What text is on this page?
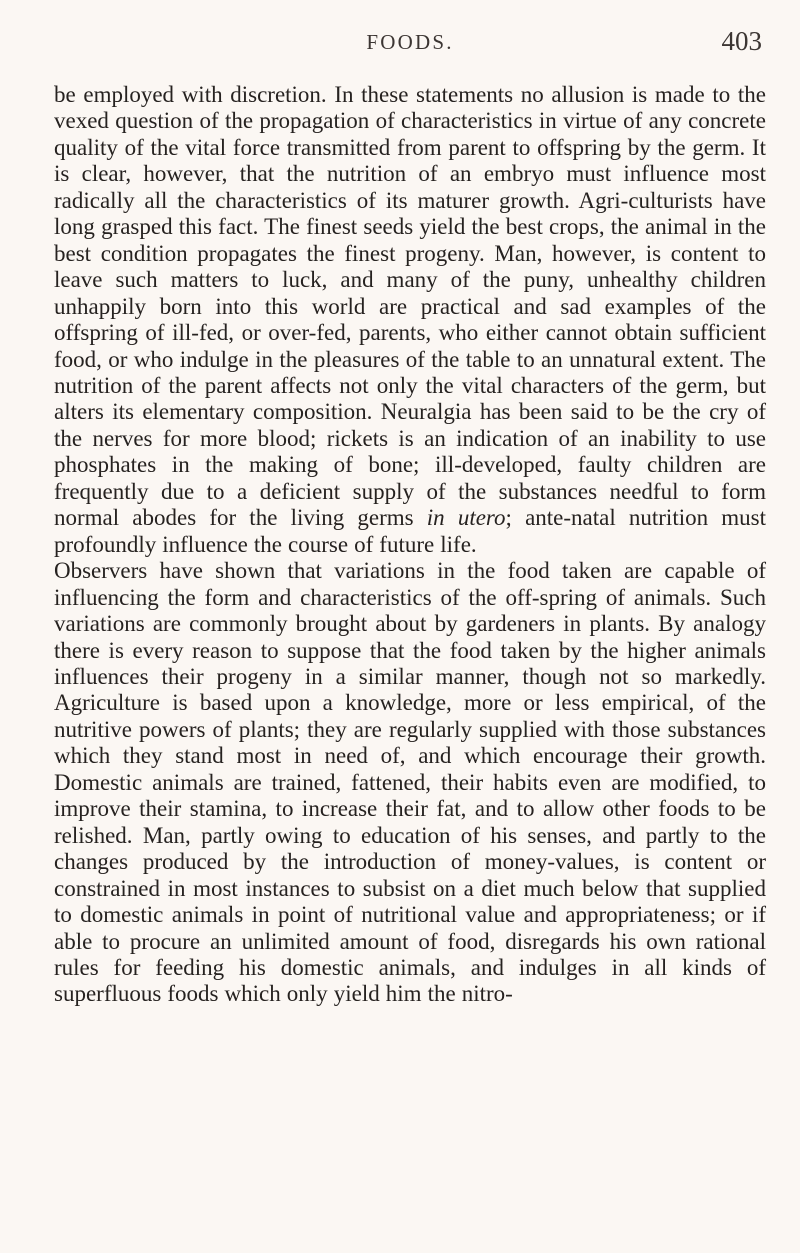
FOODS.	403

be employed with discretion. In these statements no allusion is made to the vexed question of the propagation of characteristics in virtue of any concrete quality of the vital force transmitted from parent to offspring by the germ. It is clear, however, that the nutrition of an embryo must influence most radically all the characteristics of its maturer growth. Agri-culturists have long grasped this fact. The finest seeds yield the best crops, the animal in the best condition propagates the finest progeny. Man, however, is content to leave such matters to luck, and many of the puny, unhealthy children unhappily born into this world are practical and sad examples of the offspring of ill-fed, or over-fed, parents, who either cannot obtain sufficient food, or who indulge in the pleasures of the table to an unnatural extent. The nutrition of the parent affects not only the vital characters of the germ, but alters its elementary composition. Neuralgia has been said to be the cry of the nerves for more blood; rickets is an indication of an inability to use phosphates in the making of bone; ill-developed, faulty children are frequently due to a deficient supply of the substances needful to form normal abodes for the living germs in utero; ante-natal nutrition must profoundly influence the course of future life.

Observers have shown that variations in the food taken are capable of influencing the form and characteristics of the off-spring of animals. Such variations are commonly brought about by gardeners in plants. By analogy there is every reason to suppose that the food taken by the higher animals influences their progeny in a similar manner, though not so markedly. Agriculture is based upon a knowledge, more or less empirical, of the nutritive powers of plants; they are regularly supplied with those substances which they stand most in need of, and which encourage their growth. Domestic animals are trained, fattened, their habits even are modified, to improve their stamina, to increase their fat, and to allow other foods to be relished. Man, partly owing to education of his senses, and partly to the changes produced by the introduction of money-values, is content or constrained in most instances to subsist on a diet much below that supplied to domestic animals in point of nutritional value and appropriateness; or if able to procure an unlimited amount of food, disregards his own rational rules for feeding his domestic animals, and indulges in all kinds of superfluous foods which only yield him the nitro-
